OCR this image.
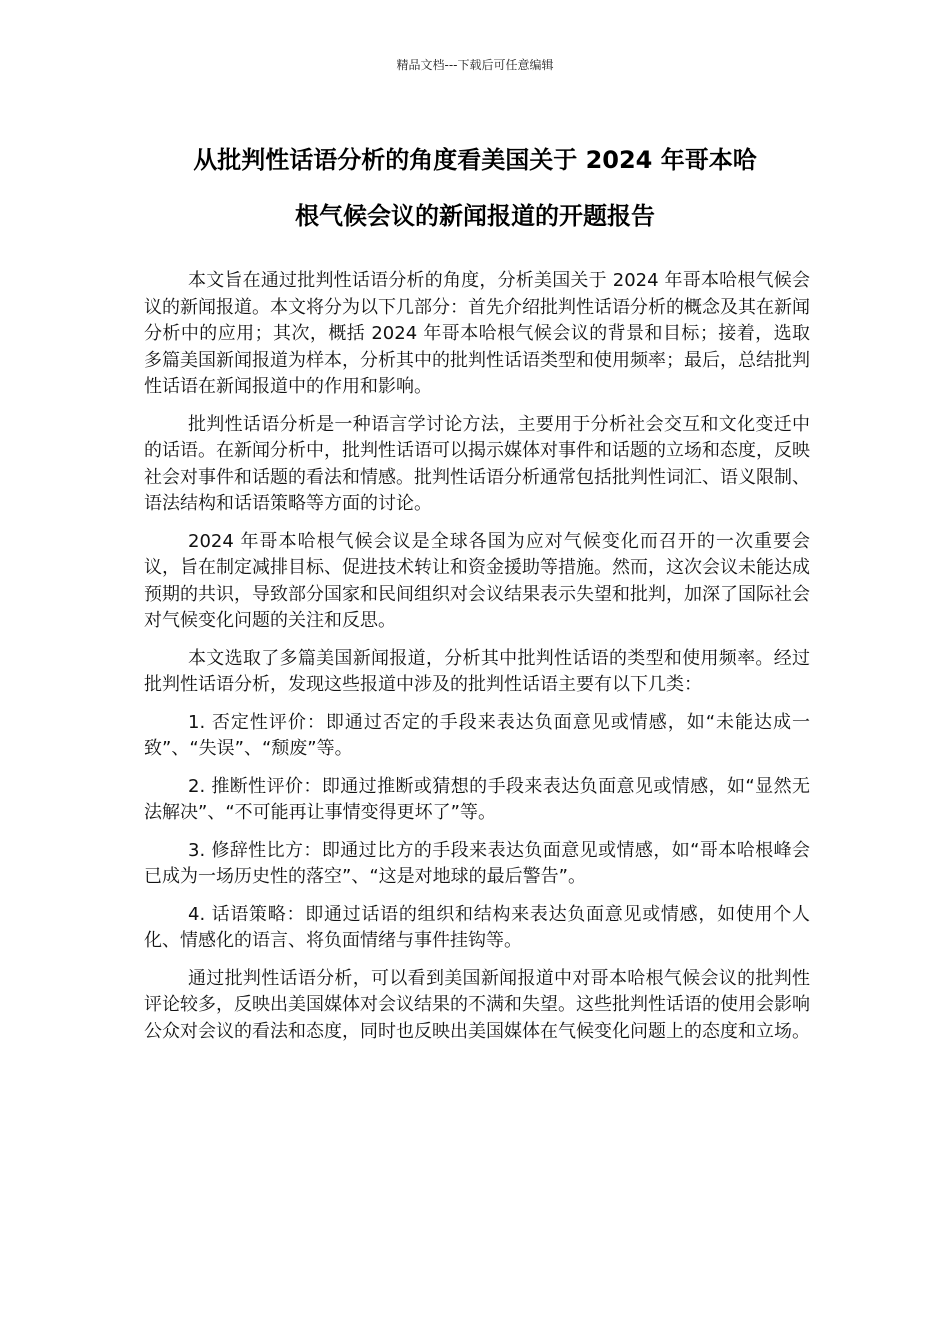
精品文档---下载后可任意编辑
从批判性话语分析的角度看美国关于 2024 年哥本哈
根气候会议的新闻报道的开题报告

本文旨在通过批判性话语分析的角度，分析美国关于 2024 年哥本哈根气候会议的新闻报道。本文将分为以下几部分：首先介绍批判性话语分析的概念及其在新闻分析中的应用；其次，概括 2024 年哥本哈根气候会议的背景和目标；接着，选取多篇美国新闻报道为样本，分析其中的批判性话语类型和使用频率；最后，总结批判性话语在新闻报道中的作用和影响。

批判性话语分析是一种语言学讨论方法，主要用于分析社会交互和文化变迁中的话语。在新闻分析中，批判性话语可以揭示媒体对事件和话题的立场和态度，反映社会对事件和话题的看法和情感。批判性话语分析通常包括批判性词汇、语义限制、语法结构和话语策略等方面的讨论。

2024 年哥本哈根气候会议是全球各国为应对气候变化而召开的一次重要会议，旨在制定减排目标、促进技术转让和资金援助等措施。然而，这次会议未能达成预期的共识，导致部分国家和民间组织对会议结果表示失望和批判，加深了国际社会对气候变化问题的关注和反思。

本文选取了多篇美国新闻报道，分析其中批判性话语的类型和使用频率。经过批判性话语分析，发现这些报道中涉及的批判性话语主要有以下几类：

1. 否定性评价：即通过否定的手段来表达负面意见或情感，如“未能达成一致”、“失误”、“颓废”等。

2. 推断性评价：即通过推断或猜想的手段来表达负面意见或情感，如“显然无法解决”、“不可能再让事情变得更坏了”等。

3. 修辞性比方：即通过比方的手段来表达负面意见或情感，如“哥本哈根峰会已成为一场历史性的落空”、“这是对地球的最后警告”。

4. 话语策略：即通过话语的组织和结构来表达负面意见或情感，如使用个人化、情感化的语言、将负面情绪与事件挂钩等。

通过批判性话语分析，可以看到美国新闻报道中对哥本哈根气候会议的批判性评论较多，反映出美国媒体对会议结果的不满和失望。这些批判性话语的使用会影响公众对会议的看法和态度，同时也反映出美国媒体在气候变化问题上的态度和立场。
